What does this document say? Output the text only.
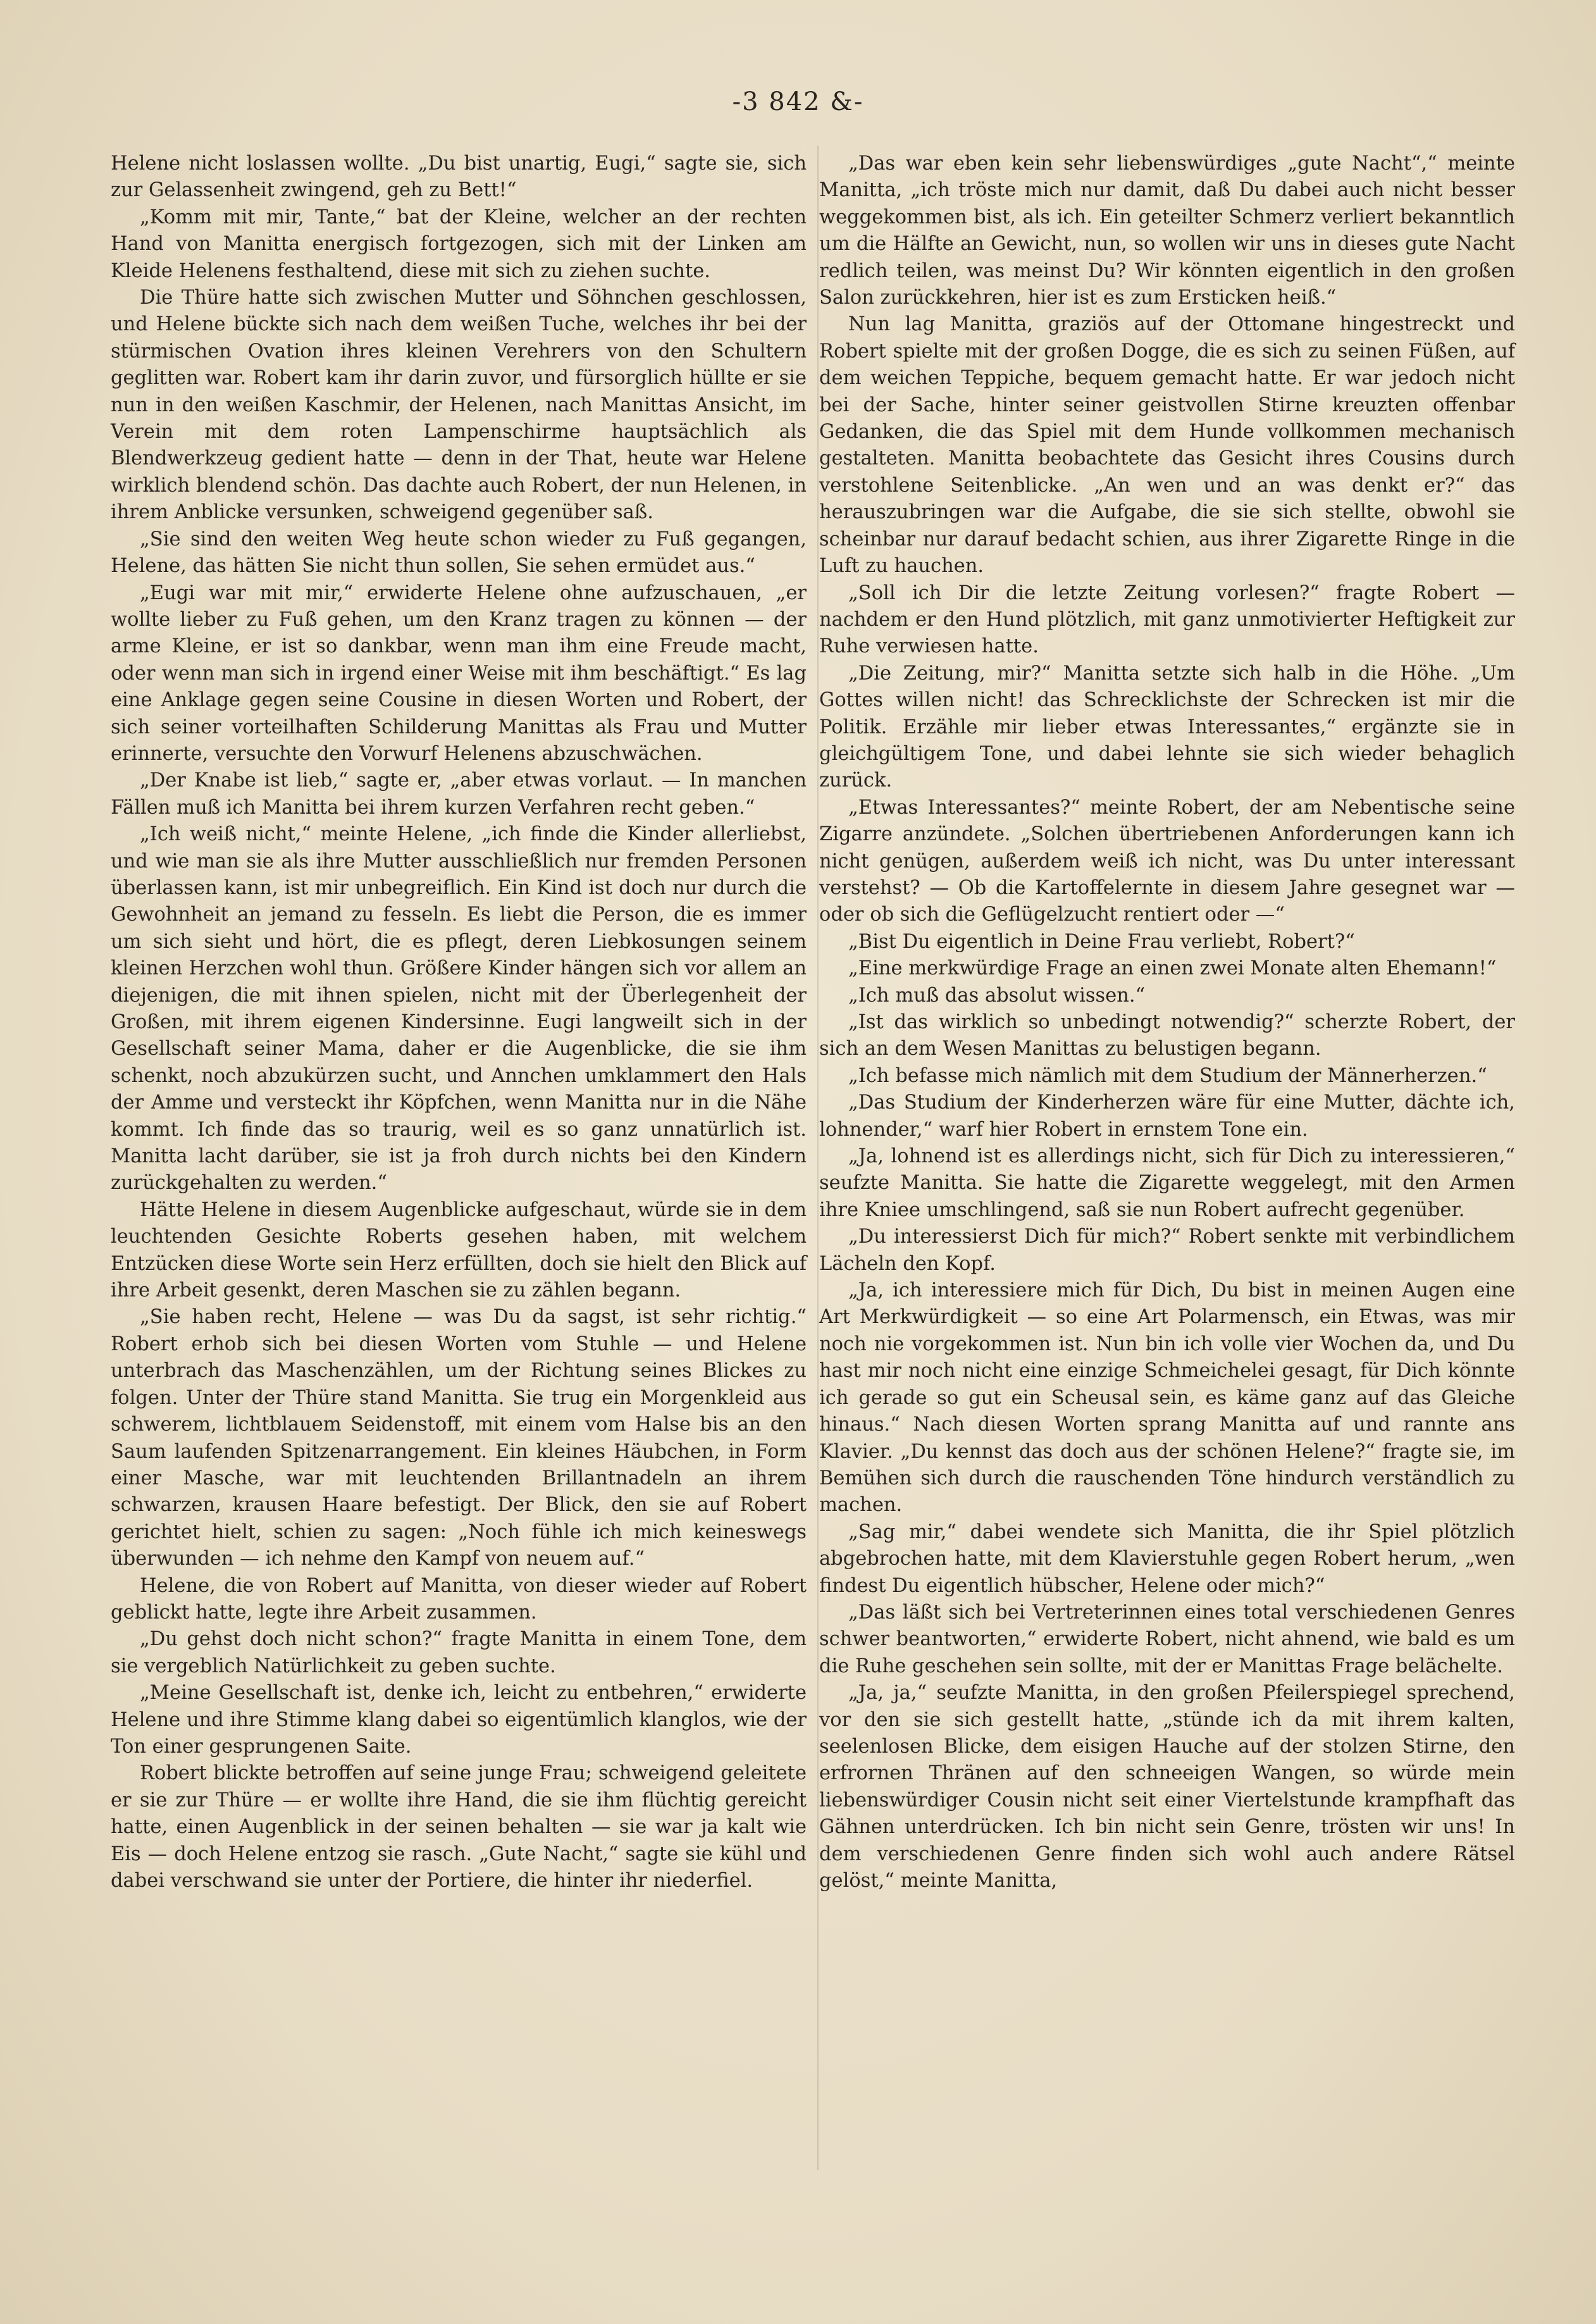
-3 842 &-

Helene nicht loslassen wollte. „Du bist unartig, Eugi,“ sagte sie, sich zur Gelassenheit zwingend, geh zu Bett!“

„Komm mit mir, Tante,“ bat der Kleine, welcher an der rechten Hand von Manitta energisch fortgezogen, sich mit der Linken am Kleide Helenens festhaltend, diese mit sich zu ziehen suchte.

Die Thüre hatte sich zwischen Mutter und Söhnchen geschlossen, und Helene bückte sich nach dem weißen Tuche, welches ihr bei der stürmischen Ovation ihres kleinen Verehrers von den Schultern geglitten war. Robert kam ihr darin zuvor, und fürsorglich hüllte er sie nun in den weißen Kaschmir, der Helenen, nach Manittas Ansicht, im Verein mit dem roten Lampenschirme hauptsächlich als Blendwerkzeug gedient hatte — denn in der That, heute war Helene wirklich blendend schön. Das dachte auch Robert, der nun Helenen, in ihrem Anblicke versunken, schweigend gegenüber saß.

„Sie sind den weiten Weg heute schon wieder zu Fuß gegangen, Helene, das hätten Sie nicht thun sollen, Sie sehen ermüdet aus.“

„Eugi war mit mir,“ erwiderte Helene ohne aufzuschauen, „er wollte lieber zu Fuß gehen, um den Kranz tragen zu können — der arme Kleine, er ist so dankbar, wenn man ihm eine Freude macht, oder wenn man sich in irgend einer Weise mit ihm beschäftigt.“ Es lag eine Anklage gegen seine Cousine in diesen Worten und Robert, der sich seiner vorteilhaften Schilderung Manittas als Frau und Mutter erinnerte, versuchte den Vorwurf Helenens abzuschwächen.

„Der Knabe ist lieb,“ sagte er, „aber etwas vorlaut. — In manchen Fällen muß ich Manitta bei ihrem kurzen Verfahren recht geben.“

„Ich weiß nicht,“ meinte Helene, „ich finde die Kinder allerliebst, und wie man sie als ihre Mutter ausschließlich nur fremden Personen überlassen kann, ist mir unbegreiflich. Ein Kind ist doch nur durch die Gewohnheit an jemand zu fesseln. Es liebt die Person, die es immer um sich sieht und hört, die es pflegt, deren Liebkosungen seinem kleinen Herzchen wohl thun. Größere Kinder hängen sich vor allem an diejenigen, die mit ihnen spielen, nicht mit der Überlegenheit der Großen, mit ihrem eigenen Kindersinne. Eugi langweilt sich in der Gesellschaft seiner Mama, daher er die Augenblicke, die sie ihm schenkt, noch abzukürzen sucht, und Annchen umklammert den Hals der Amme und versteckt ihr Köpfchen, wenn Manitta nur in die Nähe kommt. Ich finde das so traurig, weil es so ganz unnatürlich ist. Manitta lacht darüber, sie ist ja froh durch nichts bei den Kindern zurückgehalten zu werden.“

Hätte Helene in diesem Augenblicke aufgeschaut, würde sie in dem leuchtenden Gesichte Roberts gesehen haben, mit welchem Entzücken diese Worte sein Herz erfüllten, doch sie hielt den Blick auf ihre Arbeit gesenkt, deren Maschen sie zu zählen begann.

„Sie haben recht, Helene — was Du da sagst, ist sehr richtig.“ Robert erhob sich bei diesen Worten vom Stuhle — und Helene unterbrach das Maschenzählen, um der Richtung seines Blickes zu folgen. Unter der Thüre stand Manitta. Sie trug ein Morgenkleid aus schwerem, lichtblauem Seidenstoff, mit einem vom Halse bis an den Saum laufenden Spitzenarrangement. Ein kleines Häubchen, in Form einer Masche, war mit leuchtenden Brillantnadeln an ihrem schwarzen, krausen Haare befestigt. Der Blick, den sie auf Robert gerichtet hielt, schien zu sagen: „Noch fühle ich mich keineswegs überwunden — ich nehme den Kampf von neuem auf.“

Helene, die von Robert auf Manitta, von dieser wieder auf Robert geblickt hatte, legte ihre Arbeit zusammen.

„Du gehst doch nicht schon?“ fragte Manitta in einem Tone, dem sie vergeblich Natürlichkeit zu geben suchte.

„Meine Gesellschaft ist, denke ich, leicht zu entbehren,“ erwiderte Helene und ihre Stimme klang dabei so eigentümlich klanglos, wie der Ton einer gesprungenen Saite.

Robert blickte betroffen auf seine junge Frau; schweigend geleitete er sie zur Thüre — er wollte ihre Hand, die sie ihm flüchtig gereicht hatte, einen Augenblick in der seinen behalten — sie war ja kalt wie Eis — doch Helene entzog sie rasch. „Gute Nacht,“ sagte sie kühl und dabei verschwand sie unter der Portiere, die hinter ihr niederfiel.

„Das war eben kein sehr liebenswürdiges „gute Nacht“,“ meinte Manitta, „ich tröste mich nur damit, daß Du dabei auch nicht besser weggekommen bist, als ich. Ein geteilter Schmerz verliert bekanntlich um die Hälfte an Gewicht, nun, so wollen wir uns in dieses gute Nacht redlich teilen, was meinst Du? Wir könnten eigentlich in den großen Salon zurückkehren, hier ist es zum Ersticken heiß.“

Nun lag Manitta, graziös auf der Ottomane hingestreckt und Robert spielte mit der großen Dogge, die es sich zu seinen Füßen, auf dem weichen Teppiche, bequem gemacht hatte. Er war jedoch nicht bei der Sache, hinter seiner geistvollen Stirne kreuzten offenbar Gedanken, die das Spiel mit dem Hunde vollkommen mechanisch gestalteten. Manitta beobachtete das Gesicht ihres Cousins durch verstohlene Seitenblicke. „An wen und an was denkt er?“ das herauszubringen war die Aufgabe, die sie sich stellte, obwohl sie scheinbar nur darauf bedacht schien, aus ihrer Zigarette Ringe in die Luft zu hauchen.

„Soll ich Dir die letzte Zeitung vorlesen?“ fragte Robert — nachdem er den Hund plötzlich, mit ganz unmotivierter Heftigkeit zur Ruhe verwiesen hatte.

„Die Zeitung, mir?“ Manitta setzte sich halb in die Höhe. „Um Gottes willen nicht! das Schrecklichste der Schrecken ist mir die Politik. Erzähle mir lieber etwas Interessantes,“ ergänzte sie in gleichgültigem Tone, und dabei lehnte sie sich wieder behaglich zurück.

„Etwas Interessantes?“ meinte Robert, der am Nebentische seine Zigarre anzündete. „Solchen übertriebenen Anforderungen kann ich nicht genügen, außerdem weiß ich nicht, was Du unter interessant verstehst? — Ob die Kartoffelernte in diesem Jahre gesegnet war — oder ob sich die Geflügelzucht rentiert oder —“

„Bist Du eigentlich in Deine Frau verliebt, Robert?“

„Eine merkwürdige Frage an einen zwei Monate alten Ehemann!“

„Ich muß das absolut wissen.“

„Ist das wirklich so unbedingt notwendig?“ scherzte Robert, der sich an dem Wesen Manittas zu belustigen begann.

„Ich befasse mich nämlich mit dem Studium der Männerherzen.“

„Das Studium der Kinderherzen wäre für eine Mutter, dächte ich, lohnender,“ warf hier Robert in ernstem Tone ein.

„Ja, lohnend ist es allerdings nicht, sich für Dich zu interessieren,“ seufzte Manitta. Sie hatte die Zigarette weggelegt, mit den Armen ihre Kniee umschlingend, saß sie nun Robert aufrecht gegenüber.

„Du interessierst Dich für mich?“ Robert senkte mit verbindlichem Lächeln den Kopf.

„Ja, ich interessiere mich für Dich, Du bist in meinen Augen eine Art Merkwürdigkeit — so eine Art Polarmensch, ein Etwas, was mir noch nie vorgekommen ist. Nun bin ich volle vier Wochen da, und Du hast mir noch nicht eine einzige Schmeichelei gesagt, für Dich könnte ich gerade so gut ein Scheusal sein, es käme ganz auf das Gleiche hinaus.“ Nach diesen Worten sprang Manitta auf und rannte ans Klavier. „Du kennst das doch aus der schönen Helene?“ fragte sie, im Bemühen sich durch die rauschenden Töne hindurch verständlich zu machen.

„Sag mir,“ dabei wendete sich Manitta, die ihr Spiel plötzlich abgebrochen hatte, mit dem Klavierstuhle gegen Robert herum, „wen findest Du eigentlich hübscher, Helene oder mich?“

„Das läßt sich bei Vertreterinnen eines total verschiedenen Genres schwer beantworten,“ erwiderte Robert, nicht ahnend, wie bald es um die Ruhe geschehen sein sollte, mit der er Manittas Frage belächelte.

„Ja, ja,“ seufzte Manitta, in den großen Pfeilerspiegel sprechend, vor den sie sich gestellt hatte, „stünde ich da mit ihrem kalten, seelenlosen Blicke, dem eisigen Hauche auf der stolzen Stirne, den erfrornen Thränen auf den schneeigen Wangen, so würde mein liebenswürdiger Cousin nicht seit einer Viertelstunde krampfhaft das Gähnen unterdrücken. Ich bin nicht sein Genre, trösten wir uns! In dem verschiedenen Genre finden sich wohl auch andere Rätsel gelöst,“ meinte Manitta,
